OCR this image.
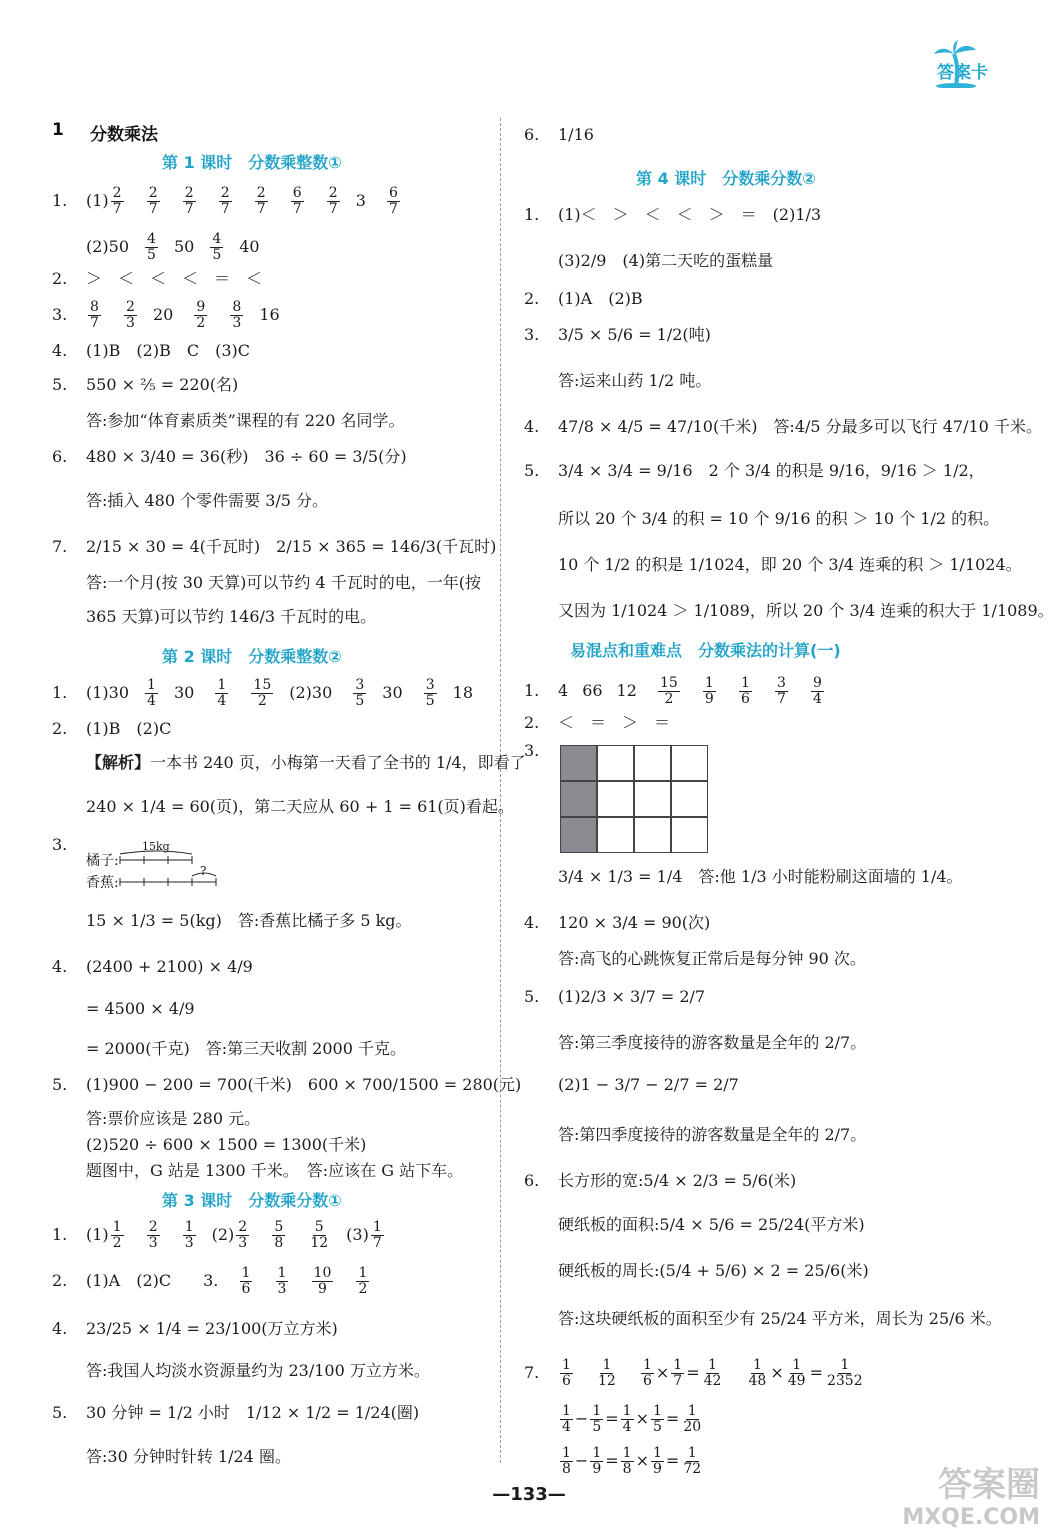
答案卡
1 分数乘法
第 1 课时　分数乘整数①
1. $(1) \frac{2}{7}$
$\frac{2}{7}$
$\frac{2}{7}$
$\frac{2}{7}$
$\frac{2}{7}$
$\frac{6}{7}$
$\frac{2}{7} 3 \frac{6}{7}$
$(2)50 \frac{4}{5} 50 \frac{4}{5} 40$
2. ＞　＜　＜　＜　＝　＜
3. $\frac{8}{7}$
$\frac{2}{3} 20 \frac{9}{2}$
$\frac{8}{3} 16$
4. (1)B　(2)B　C　(3)C
5. 550 × ⅖ = 220(名)
答:参加“体育素质类”课程的有 220 名同学。
6. 480 × 3/40 = 36(秒)　36 ÷ 60 = 3/5(分)
答:插入 480 个零件需要 3/5 分。
7. 2/15 × 30 = 4(千瓦时)　2/15 × 365 = 146/3(千瓦时)
答:一个月(按 30 天算)可以节约 4 千瓦时的电，一年(按
365 天算)可以节约 146/3 千瓦时的电。
第 2 课时　分数乘整数②
1. $(1)30 \frac{1}{4} 30 \frac{1}{4}$
$\frac{15}{2} (2)30 \frac{3}{5} 30 \frac{3}{5} 18$
2. (1)B　(2)C
【解析】一本书 240 页，小梅第一天看了全书的 1/4，即看了
240 × 1/4 = 60(页)，第二天应从 60 + 1 = 61(页)看起。
3.	15kg
橘子:
香蕉:
?
15 × 1/3 = 5(kg)　答:香蕉比橘子多 5 kg。
4. (2400 + 2100) × 4/9
= 4500 × 4/9
= 2000(千克)　答:第三天收割 2000 千克。
5. (1)900 − 200 = 700(千米)　600 × 700/1500 = 280(元)
答:票价应该是 280 元。
(2)520 ÷ 600 × 1500 = 1300(千米)
题图中，G 站是 1300 千米。　答:应该在 G 站下车。
第 3 课时　分数乘分数①
1. $(1) \frac{1}{2}$
$\frac{2}{3}$
$\frac{1}{3} (2) \frac{2}{3}$
$\frac{5}{8}$
$\frac{5}{12} (3) \frac{1}{7}$
2. (1)A　(2)C　　3. $\frac{1}{6}$
$\frac{1}{3}$
$\frac{10}{9}$
$\frac{1}{2}$
4. 23/25 × 1/4 = 23/100(万立方米)
答:我国人均淡水资源量约为 23/100 万立方米。
5. 30 分钟 = 1/2 小时　1/12 × 1/2 = 1/24(圈)
答:30 分钟时针转 1/24 圈。
6. 1/16
第 4 课时　分数乘分数②
1. (1)＜　＞　＜　＜　＞　＝　(2)1/3
(3)2/9　(4)第二天吃的蛋糕量
2. (1)A　(2)B
3. 3/5 × 5/6 = 1/2(吨)
答:运来山药 1/2 吨。
4. 47/8 × 4/5 = 47/10(千米)　答:4/5 分最多可以飞行 47/10 千米。
5. 3/4 × 3/4 = 9/16　2 个 3/4 的积是 9/16，9/16 ＞ 1/2，
所以 20 个 3/4 的积 = 10 个 9/16 的积 ＞ 10 个 1/2 的积。
10 个 1/2 的积是 1/1024，即 20 个 3/4 连乘的积 ＞ 1/1024。
又因为 1/1024 ＞ 1/1089，所以 20 个 3/4 连乘的积大于 1/1089。
易混点和重难点　分数乘法的计算(一)
1. 4 66 $12 \frac{15}{2}$
$\frac{1}{9}$
$\frac{1}{6}$
$\frac{3}{7}$
$\frac{9}{4}$
2. ＜　＝　＞　＝
3.

3/4 × 1/3 = 1/4　答:他 1/3 小时能粉刷这面墙的 1/4。
4. 120 × 3/4 = 90(次)
答:高飞的心跳恢复正常后是每分钟 90 次。
5. (1)2/3 × 3/7 = 2/7
答:第三季度接待的游客数量是全年的 2/7。
(2)1 − 3/7 − 2/7 = 2/7
答:第四季度接待的游客数量是全年的 2/7。
6. 长方形的宽:5/4 × 2/3 = 5/6(米)
硬纸板的面积:5/4 × 5/6 = 25/24(平方米)
硬纸板的周长:(5/4 + 5/6) × 2 = 25/6(米)
答:这块硬纸板的面积至少有 25/24 平方米，周长为 25/6 米。
7. $\frac{1}{6}$
$\frac{1}{12}$
$\frac{1}{6} \times \frac{1}{7} = \frac{1}{42}$
$\frac{1}{48} \times \frac{1}{49} = \frac{1}{2352}$
$\frac{1}{4} - \frac{1}{5} = \frac{1}{4} \times \frac{1}{5} = \frac{1}{20}$
$\frac{1}{8} - \frac{1}{9} = \frac{1}{8} \times \frac{1}{9} = \frac{1}{72}$
—133—	答案圈
MXQE.COM
